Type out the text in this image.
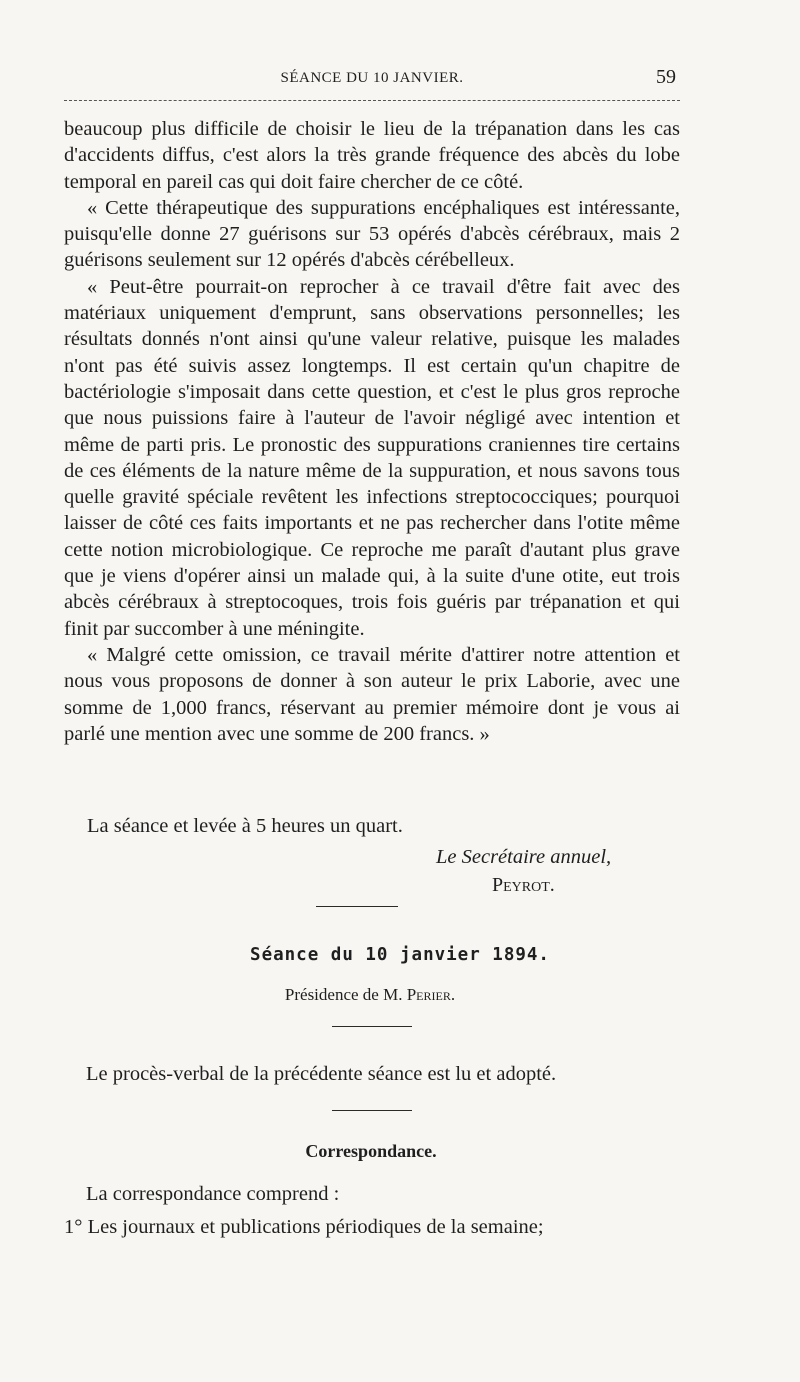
SÉANCE DU 10 JANVIER.	59

beaucoup plus difficile de choisir le lieu de la trépanation dans les cas d'accidents diffus, c'est alors la très grande fréquence des abcès du lobe temporal en pareil cas qui doit faire chercher de ce côté.

« Cette thérapeutique des suppurations encéphaliques est intéressante, puisqu'elle donne 27 guérisons sur 53 opérés d'abcès cérébraux, mais 2 guérisons seulement sur 12 opérés d'abcès cérébelleux.

« Peut-être pourrait-on reprocher à ce travail d'être fait avec des matériaux uniquement d'emprunt, sans observations personnelles; les résultats donnés n'ont ainsi qu'une valeur relative, puisque les malades n'ont pas été suivis assez longtemps. Il est certain qu'un chapitre de bactériologie s'imposait dans cette question, et c'est le plus gros reproche que nous puissions faire à l'auteur de l'avoir négligé avec intention et même de parti pris. Le pronostic des suppurations craniennes tire certains de ces éléments de la nature même de la suppuration, et nous savons tous quelle gravité spéciale revêtent les infections streptococciques; pourquoi laisser de côté ces faits importants et ne pas rechercher dans l'otite même cette notion microbiologique. Ce reproche me paraît d'autant plus grave que je viens d'opérer ainsi un malade qui, à la suite d'une otite, eut trois abcès cérébraux à streptocoques, trois fois guéris par trépanation et qui finit par succomber à une méningite.

« Malgré cette omission, ce travail mérite d'attirer notre attention et nous vous proposons de donner à son auteur le prix Laborie, avec une somme de 1,000 francs, réservant au premier mémoire dont je vous ai parlé une mention avec une somme de 200 francs. »

La séance et levée à 5 heures un quart.
Le Secrétaire annuel,
Peyrot.
Séance du 10 janvier 1894.
Présidence de M. Perier.
Le procès-verbal de la précédente séance est lu et adopté.
Correspondance.
La correspondance comprend :
1° Les journaux et publications périodiques de la semaine;
